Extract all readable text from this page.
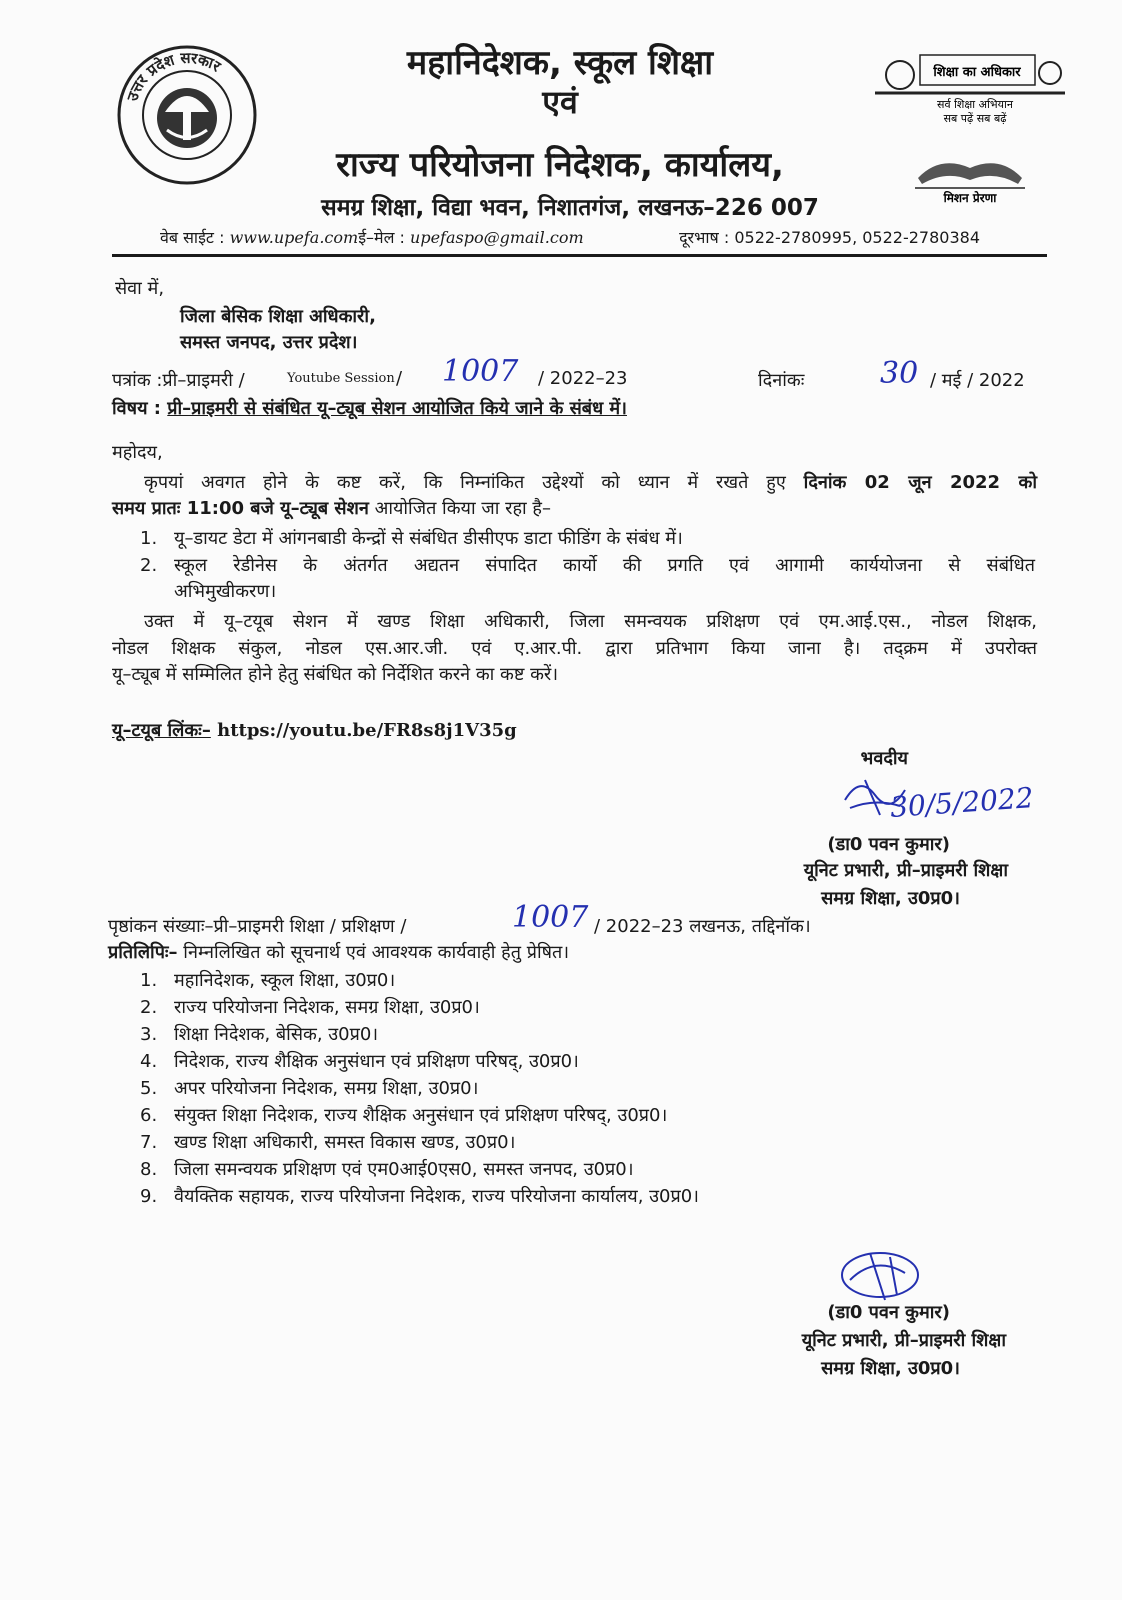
उत्तर प्रदेश सरकार	महानिदेशक, स्कूल शिक्षा
एवं
राज्य परियोजना निदेशक, कार्यालय,
समग्र शिक्षा, विद्या भवन, निशातगंज, लखनऊ–226 007
शिक्षा का अधिकार
सर्व शिक्षा अभियान
सब पढ़ें सब बढ़ें
मिशन प्रेरणा
वेब साईट : www.upefa.comई–मेल : upefaspo@gmail.com	दूरभाष : 0522-2780995, 0522-2780384
सेवा में,
जिला बेसिक शिक्षा अधिकारी,
समस्त जनपद, उत्तर प्रदेश।
पत्रांक :प्री–प्राइमरी /	Youtube Session / 1007 / 2022–23	दिनांकः	30 / मई / 2022
विषय : प्री–प्राइमरी से संबंधित यू–ट्यूब सेशन आयोजित किये जाने के संबंध में।
महोदय,
कृपयां अवगत होने के कष्ट करें, कि निम्नांकित उद्देश्यों को ध्यान में रखते हुए दिनांक 02 जून 2022 को
समय प्रातः 11:00 बजे यू–ट्यूब सेशन आयोजित किया जा रहा है–
1. यू–डायट डेटा में आंगनबाडी केन्द्रों से संबंधित डीसीएफ डाटा फीडिंग के संबंध में।
2. स्कूल रेडीनेस के अंतर्गत अद्यतन संपादित कार्यो की प्रगति एवं आगामी कार्ययोजना से संबंधित
अभिमुखीकरण।
उक्त में यू–टयूब सेशन में खण्ड शिक्षा अधिकारी, जिला समन्वयक प्रशिक्षण एवं एम.आई.एस., नोडल शिक्षक,
नोडल शिक्षक संकुल, नोडल एस.आर.जी. एवं ए.आर.पी. द्वारा प्रतिभाग किया जाना है। तद्क्रम में उपरोक्त
यू–ट्यूब में सम्मिलित होने हेतु संबंधित को निर्देशित करने का कष्ट करें।
यू–टयूब लिंकः– https://youtu.be/FR8s8j1V35g
भवदीय
30/5/2022
(डा0 पवन कुमार)
यूनिट प्रभारी, प्री–प्राइमरी शिक्षा
समग्र शिक्षा, उ0प्र0।
पृष्ठांकन संख्याः–प्री–प्राइमरी शिक्षा / प्रशिक्षण /	1007 / 2022–23 लखनऊ, तद्दिनॉक।
प्रतिलिपिः– निम्नलिखित को सूचनार्थ एवं आवश्यक कार्यवाही हेतु प्रेषित।
1. महानिदेशक, स्कूल शिक्षा, उ0प्र0।
2. राज्य परियोजना निदेशक, समग्र शिक्षा, उ0प्र0।
3. शिक्षा निदेशक, बेसिक, उ0प्र0।
4. निदेशक, राज्य शैक्षिक अनुसंधान एवं प्रशिक्षण परिषद्, उ0प्र0।
5. अपर परियोजना निदेशक, समग्र शिक्षा, उ0प्र0।
6. संयुक्त शिक्षा निदेशक, राज्य शैक्षिक अनुसंधान एवं प्रशिक्षण परिषद्, उ0प्र0।
7. खण्ड शिक्षा अधिकारी, समस्त विकास खण्ड, उ0प्र0।
8. जिला समन्वयक प्रशिक्षण एवं एम0आई0एस0, समस्त जनपद, उ0प्र0।
9. वैयक्तिक सहायक, राज्य परियोजना निदेशक, राज्य परियोजना कार्यालय, उ0प्र0।
(डा0 पवन कुमार)
यूनिट प्रभारी, प्री–प्राइमरी शिक्षा
समग्र शिक्षा, उ0प्र0।
